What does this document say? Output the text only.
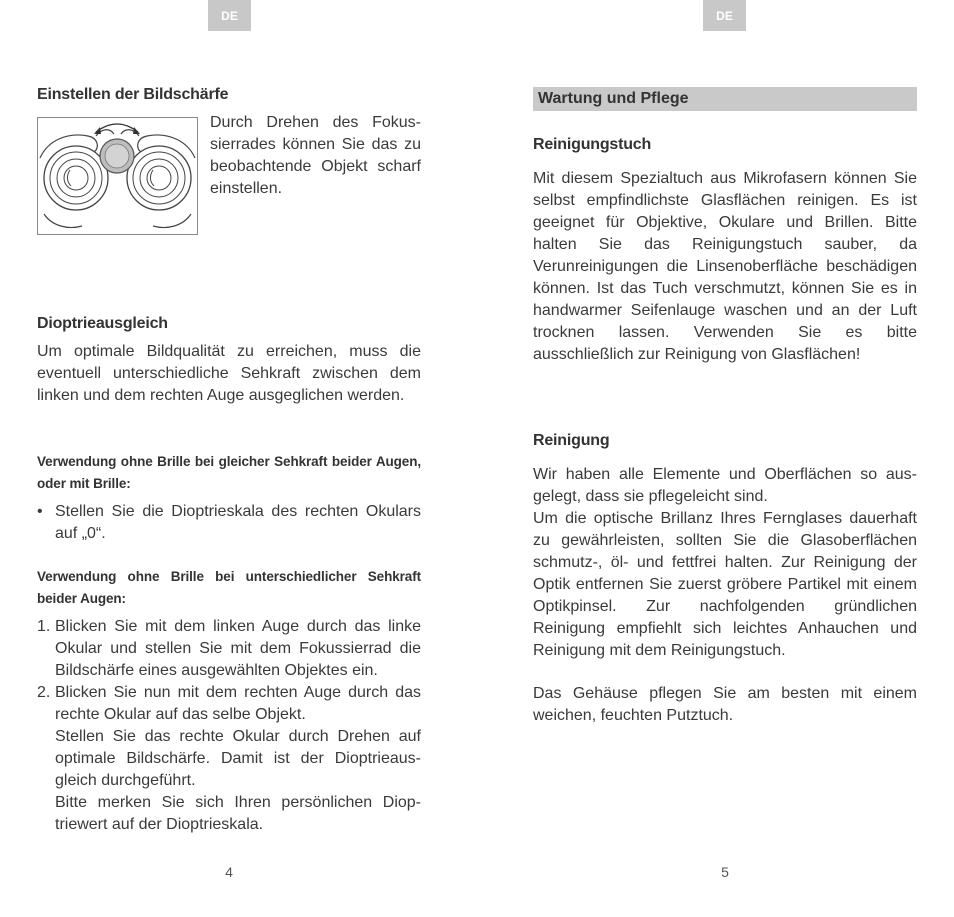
DE
Einstellen der Bildschärfe

Durch Drehen des Fokussierrades können Sie das zu beobachtende Objekt scharf einstellen.

Dioptrieausgleich

Um optimale Bildqualität zu erreichen, muss die eventuell unterschiedliche Sehkraft zwischen dem linken und dem rechten Auge ausgeglichen werden.

Verwendung ohne Brille bei gleicher Sehkraft beider Augen, oder mit Brille:

• Stellen Sie die Dioptrieskala des rechten Okulars auf „0“.

Verwendung ohne Brille bei unterschiedlicher Sehkraft beider Augen:

1. Blicken Sie mit dem linken Auge durch das linke Okular und stellen Sie mit dem Fokussierrad die Bildschärfe eines ausgewählten Objektes ein.
2. Blicken Sie nun mit dem rechten Auge durch das rechte Okular auf das selbe Objekt.
Stellen Sie das rechte Okular durch Drehen auf optimale Bildschärfe. Damit ist der Dioptrieausgleich durchgeführt.
Bitte merken Sie sich Ihren persönlichen Dioptriewert auf der Dioptrieskala.
4
DE
Wartung und Pflege
Reinigungstuch

Mit diesem Spezialtuch aus Mikrofasern können Sie selbst empfindlichste Glasflächen reinigen. Es ist geeignet für Objektive, Okulare und Brillen. Bitte halten Sie das Reinigungstuch sauber, da Verunreinigungen die Linsenoberfläche beschädigen können. Ist das Tuch verschmutzt, können Sie es in handwarmer Seifenlauge waschen und an der Luft trocknen lassen. Verwenden Sie es bitte ausschließlich zur Reinigung von Glasflächen!

Reinigung

Wir haben alle Elemente und Oberflächen so ausgelegt, dass sie pflegeleicht sind.

Um die optische Brillanz Ihres Fernglases dauerhaft zu gewährleisten, sollten Sie die Glasoberflächen schmutz-, öl- und fettfrei halten. Zur Reinigung der Optik entfernen Sie zuerst gröbere Partikel mit einem Optikpinsel. Zur nachfolgenden gründlichen Reinigung empfiehlt sich leichtes Anhauchen und Reinigung mit dem Reinigungstuch.

Das Gehäuse pflegen Sie am besten mit einem weichen, feuchten Putztuch.

5
